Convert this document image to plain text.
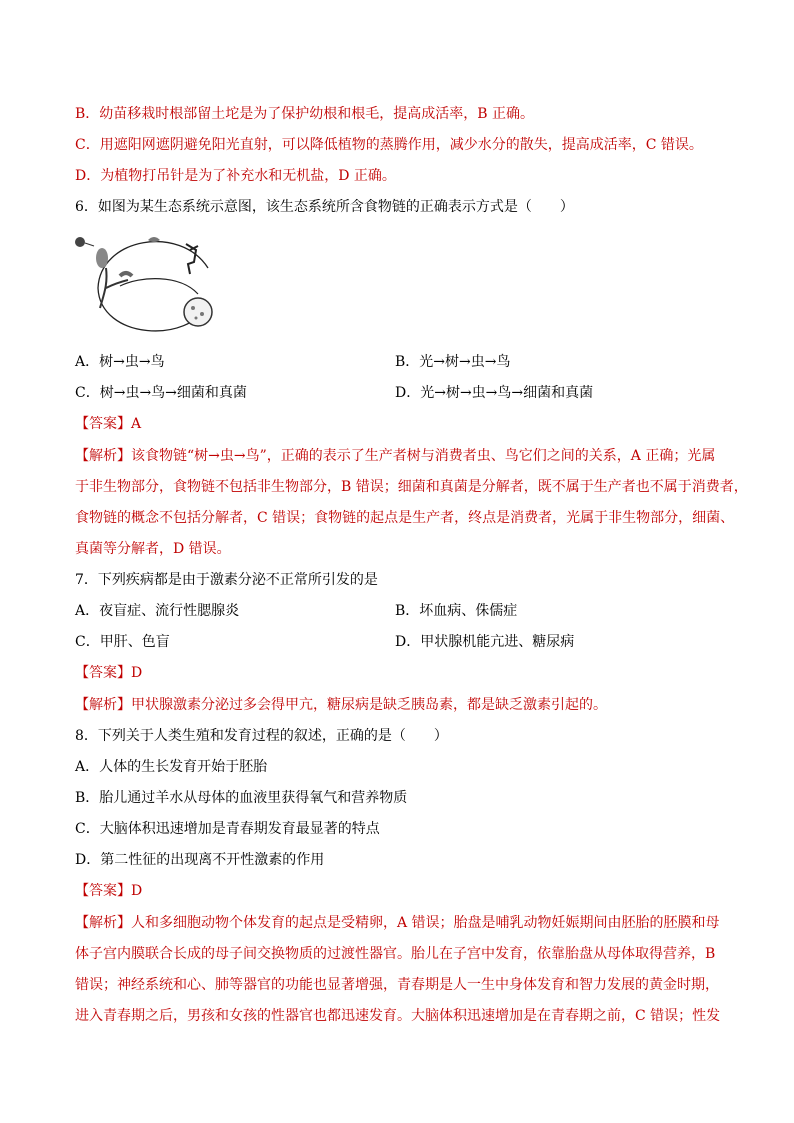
B．幼苗移栽时根部留土坨是为了保护幼根和根毛，提高成活率，B 正确。
C．用遮阳网遮阴避免阳光直射，可以降低植物的蒸腾作用，减少水分的散失，提高成活率，C 错误。
D．为植物打吊针是为了补充水和无机盐，D 正确。
6．如图为某生态系统示意图，该生态系统所含食物链的正确表示方式是（　　）
A．树→虫→鸟	B．光→树→虫→鸟
C．树→虫→鸟→细菌和真菌	D．光→树→虫→鸟→细菌和真菌
【答案】A
【解析】该食物链“树→虫→鸟”，正确的表示了生产者树与消费者虫、鸟它们之间的关系，A 正确；光属
于非生物部分，食物链不包括非生物部分，B 错误；细菌和真菌是分解者，既不属于生产者也不属于消费者，
食物链的概念不包括分解者，C 错误；食物链的起点是生产者，终点是消费者，光属于非生物部分，细菌、
真菌等分解者，D 错误。
7．下列疾病都是由于激素分泌不正常所引发的是
A．夜盲症、流行性腮腺炎	B．坏血病、侏儒症
C．甲肝、色盲	D．甲状腺机能亢进、糖尿病
【答案】D
【解析】甲状腺激素分泌过多会得甲亢，糖尿病是缺乏胰岛素，都是缺乏激素引起的。
8．下列关于人类生殖和发育过程的叙述，正确的是（　　）
A．人体的生长发育开始于胚胎
B．胎儿通过羊水从母体的血液里获得氧气和营养物质
C．大脑体积迅速增加是青春期发育最显著的特点
D．第二性征的出现离不开性激素的作用
【答案】D
【解析】人和多细胞动物个体发育的起点是受精卵，A 错误；胎盘是哺乳动物妊娠期间由胚胎的胚膜和母
体子宫内膜联合长成的母子间交换物质的过渡性器官。胎儿在子宫中发育，依靠胎盘从母体取得营养，B
错误；神经系统和心、肺等器官的功能也显著增强，青春期是人一生中身体发育和智力发展的黄金时期，
进入青春期之后，男孩和女孩的性器官也都迅速发育。大脑体积迅速增加是在青春期之前，C 错误；性发
